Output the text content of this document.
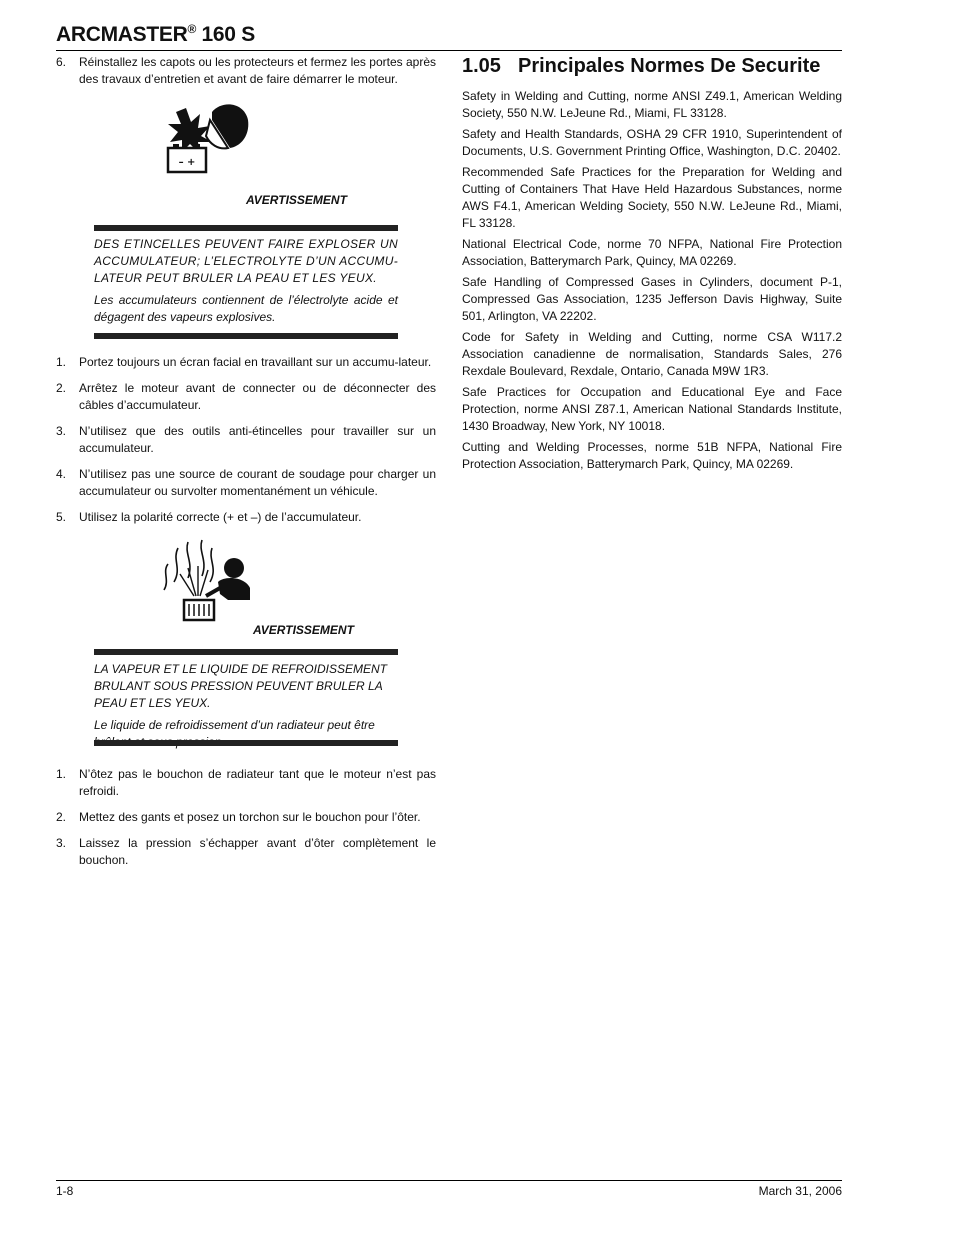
ARCMASTER® 160 S
6.	Réinstallez les capots ou les protecteurs et fermez les portes après des travaux d’entretien et avant de faire démarrer le moteur.
– +
AVERTISSEMENT

DES ETINCELLES PEUVENT FAIRE EXPLOSER UN ACCUMULATEUR; L’ELECTROLYTE D’UN ACCUMU-LATEUR PEUT BRULER LA PEAU ET LES YEUX.

Les accumulateurs contiennent de l’électrolyte acide et dégagent des vapeurs explosives.

1.	Portez toujours un écran facial en travaillant sur un accumu-lateur.
2.	Arrêtez le moteur avant de connecter ou de déconnecter des câbles d’accumulateur.
3.	N’utilisez que des outils anti-étincelles pour travailler sur un accumulateur.
4.	N’utilisez pas une source de courant de soudage pour charger un accumulateur ou survolter momentanément un véhicule.
5.	Utilisez la polarité correcte (+ et –) de l’accumulateur.
AVERTISSEMENT

LA VAPEUR ET LE LIQUIDE DE REFROIDISSEMENT BRULANT SOUS PRESSION PEUVENT BRULER LA PEAU ET LES YEUX.

Le liquide de refroidissement d’un radiateur peut être

1.	N’ôtez pas le bouchon de radiateur tant que le moteur n’est pas refroidi.
2.	Mettez des gants et posez un torchon sur le bouchon pour l’ôter.
3.	Laissez la pression s’échapper avant d’ôter complètement le bouchon.
1.05 Principales Normes De Securite

Safety in Welding and Cutting, norme ANSI Z49.1, American Welding Society, 550 N.W. LeJeune Rd., Miami, FL 33128.

Safety and Health Standards, OSHA 29 CFR 1910, Superintendent of Documents, U.S. Government Printing Office, Washington, D.C. 20402.

Recommended Safe Practices for the Preparation for Welding and Cutting of Containers That Have Held Hazardous Substances, norme AWS F4.1, American Welding Society, 550 N.W. LeJeune Rd., Miami, FL 33128.

National Electrical Code, norme 70 NFPA, National Fire Protection Association, Batterymarch Park, Quincy, MA 02269.

Safe Handling of Compressed Gases in Cylinders, document P-1, Compressed Gas Association, 1235 Jefferson Davis Highway, Suite 501, Arlington, VA 22202.

Code for Safety in Welding and Cutting, norme CSA W117.2 Association canadienne de normalisation, Standards Sales, 276 Rexdale Boulevard, Rexdale, Ontario, Canada M9W 1R3.

Safe Practices for Occupation and Educational Eye and Face Protection, norme ANSI Z87.1, American National Standards Institute, 1430 Broadway, New York, NY 10018.

Cutting and Welding Processes, norme 51B NFPA, National Fire Protection Association, Batterymarch Park, Quincy, MA 02269.

1-8	March 31, 2006
